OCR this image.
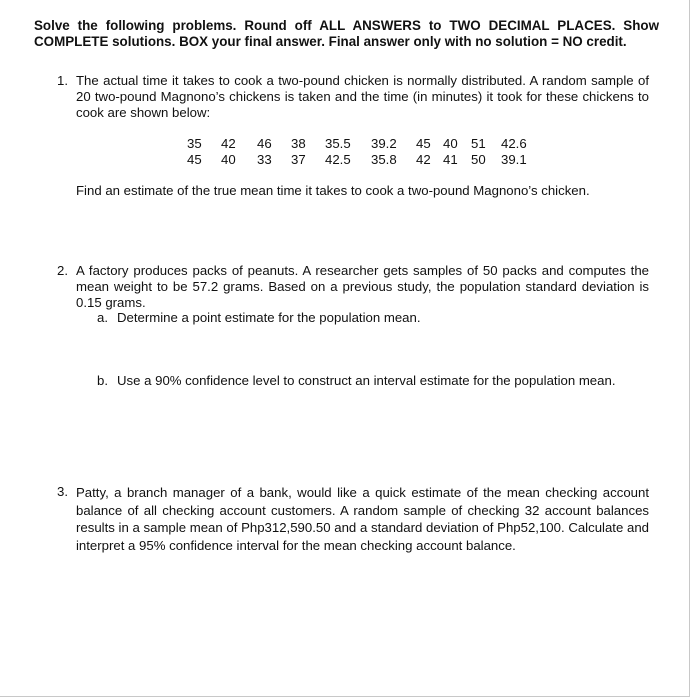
Solve the following problems. Round off ALL ANSWERS to TWO DECIMAL PLACES. Show COMPLETE solutions. BOX your final answer. Final answer only with no solution = NO credit.
1. The actual time it takes to cook a two-pound chicken is normally distributed. A random sample of 20 two-pound Magnono’s chickens is taken and the time (in minutes) it took for these chickens to cook are shown below:
35 42 46 38 35.5 39.2 45 40 51 42.6
45 40 33 37 42.5 35.8 42 41 50 39.1
Find an estimate of the true mean time it takes to cook a two-pound Magnono’s chicken.
2. A factory produces packs of peanuts. A researcher gets samples of 50 packs and computes the mean weight to be 57.2 grams. Based on a previous study, the population standard deviation is 0.15 grams.
a. Determine a point estimate for the population mean.
b. Use a 90% confidence level to construct an interval estimate for the population mean.
3. Patty, a branch manager of a bank, would like a quick estimate of the mean checking account balance of all checking account customers. A random sample of checking 32 account balances results in a sample mean of Php312,590.50 and a standard deviation of Php52,100. Calculate and interpret a 95% confidence interval for the mean checking account balance.
